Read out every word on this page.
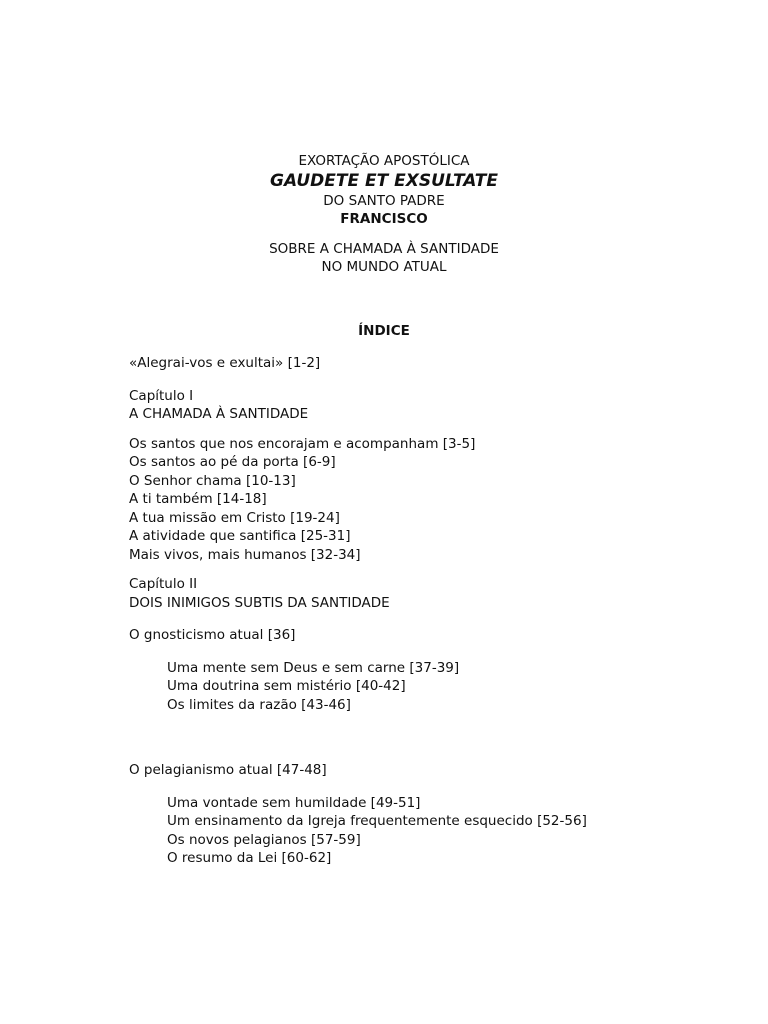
EXORTAÇÃO APOSTÓLICA
GAUDETE ET EXSULTATE
DO SANTO PADRE
FRANCISCO
SOBRE A CHAMADA À SANTIDADE
NO MUNDO ATUAL
ÍNDICE
«Alegrai-vos e exultai» [1-2]
Capítulo I
A CHAMADA À SANTIDADE
Os santos que nos encorajam e acompanham [3-5]
Os santos ao pé da porta [6-9]
O Senhor chama [10-13]
A ti também [14-18]
A tua missão em Cristo [19-24]
A atividade que santifica [25-31]
Mais vivos, mais humanos [32-34]
Capítulo II
DOIS INIMIGOS SUBTIS DA SANTIDADE
O gnosticismo atual [36]
Uma mente sem Deus e sem carne [37-39]
Uma doutrina sem mistério [40-42]
Os limites da razão [43-46]
O pelagianismo atual [47-48]
Uma vontade sem humildade [49-51]
Um ensinamento da Igreja frequentemente esquecido [52-56]
Os novos pelagianos [57-59]
O resumo da Lei [60-62]
